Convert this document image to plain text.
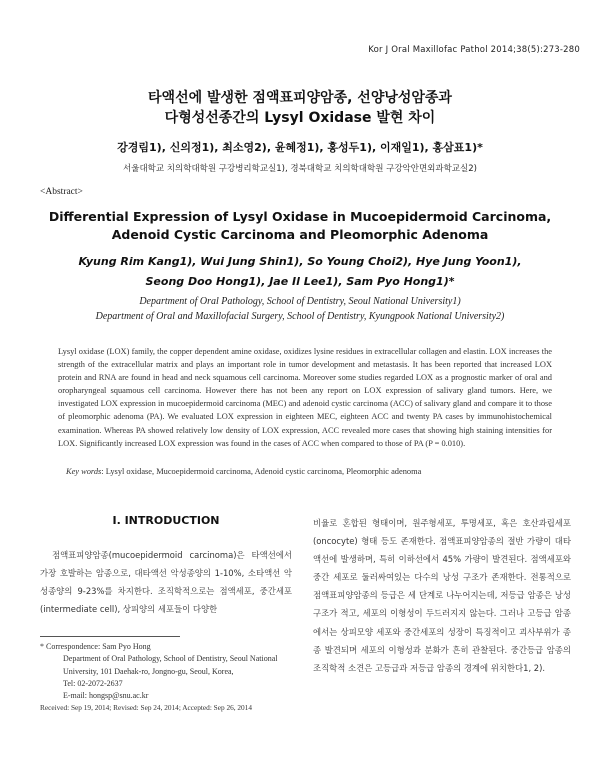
Kor J Oral Maxillofac Pathol 2014;38(5):273-280
타액선에 발생한 점액표피양암종, 선양낭성암종과
다형성선종간의 Lysyl Oxidase 발현 차이
강경림1), 신의정1), 최소영2), 윤혜정1), 홍성두1), 이재일1), 홍삼표1)*
서울대학교 치의학대학원 구강병리학교실1), 경북대학교 치의학대학원 구강악안면외과학교실2)
<Abstract>
Differential Expression of Lysyl Oxidase in Mucoepidermoid Carcinoma,
Adenoid Cystic Carcinoma and Pleomorphic Adenoma
Kyung Rim Kang1), Wui Jung Shin1), So Young Choi2), Hye Jung Yoon1),
Seong Doo Hong1), Jae Il Lee1), Sam Pyo Hong1)*
Department of Oral Pathology, School of Dentistry, Seoul National University1)
Department of Oral and Maxillofacial Surgery, School of Dentistry, Kyungpook National University2)
Lysyl oxidase (LOX) family, the copper dependent amine oxidase, oxidizes lysine residues in extracellular collagen and elastin. LOX increases the strength of the extracellular matrix and plays an important role in tumor development and metastasis. It has been reported that increased LOX protein and RNA are found in head and neck squamous cell carcinoma. Moreover some studies regarded LOX as a prognostic marker of oral and oropharyngeal squamous cell carcinoma. However there has not been any report on LOX expression of salivary gland tumors. Here, we investigated LOX expression in mucoepidermoid carcinoma (MEC) and adenoid cystic carcinoma (ACC) of salivary gland and compare it to those of pleomorphic adenoma (PA). We evaluated LOX expression in eighteen MEC, eighteen ACC and twenty PA cases by immunohistochemical examination. Whereas PA showed relatively low density of LOX expression, ACC revealed more cases that showing high staining intensities for LOX. Significantly increased LOX expression was found in the cases of ACC when compared to those of PA (P = 0.010).
Key words: Lysyl oxidase, Mucoepidermoid carcinoma, Adenoid cystic carcinoma, Pleomorphic adenoma
Ⅰ. INTRODUCTION
점액표피양암종(mucoepidermoid carcinoma)은 타액선에서 가장 호발하는 암종으로, 대타액선 악성종양의 1-10%, 소타액선 악성종양의 9-23%를 차지한다. 조직학적으로는 점액세포, 중간세포(intermediate cell), 상피양의 세포들이 다양한
비율로 혼합된 형태이며, 원주형세포, 투명세포, 혹은 호산과립세포(oncocyte) 형태 등도 존재한다. 점액표피양암종의 절반 가량이 대타액선에 발생하며, 특히 이하선에서 45% 가량이 발견된다. 점액세포와 중간 세포로 둘러싸여있는 다수의 낭성 구조가 존재한다. 전통적으로 점액표피양암종의 등급은 세 단계로 나누어지는데, 저등급 암종은 낭성 구조가 적고, 세포의 이형성이 두드러지지 않는다. 그러나 고등급 암종에서는 상피모양 세포와 중간세포의 성장이 특징적이고 괴사부위가 종종 발견되며 세포의 이형성과 분화가 흔히 관찰된다. 중간등급 암종의 조직학적 소견은 고등급과 저등급 암종의 경계에 위치한다1, 2).
* Correspondence: Sam Pyo Hong
Department of Oral Pathology, School of Dentistry, Seoul National University, 101 Daehak-ro, Jongno-gu, Seoul, Korea,
Tel: 02-2072-2637
E-mail: hongsp@snu.ac.kr
Received: Sep 19, 2014; Revised: Sep 24, 2014; Accepted: Sep 26, 2014
